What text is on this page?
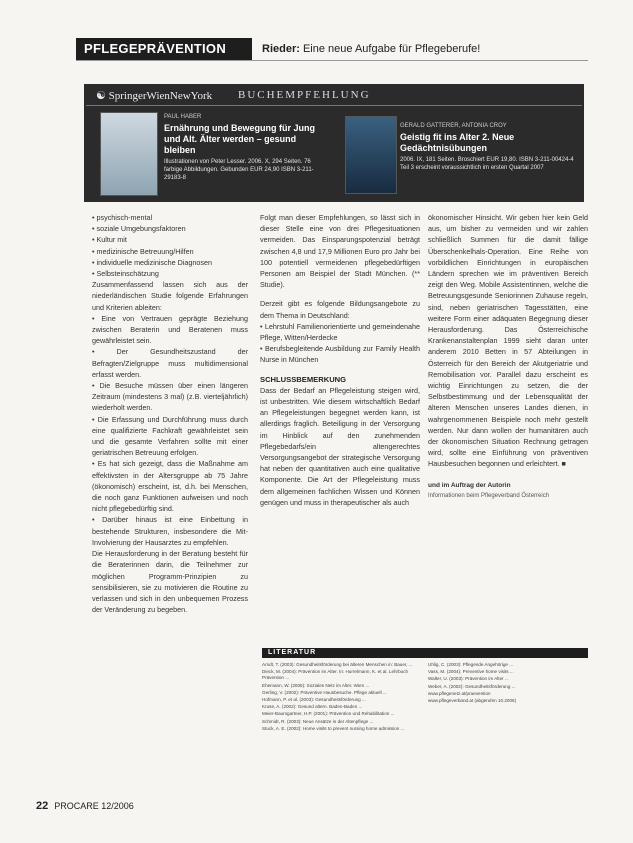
PFLEGEPRÄVENTION	Rieder: Eine neue Aufgabe für Pflegeberufe!
☯ SpringerWienNewYork BUCHEMPFEHLUNG
PAUL HABER
Ernährung und Bewegung für Jung und Alt. Älter werden – gesund bleiben
Illustrationen von Peter Lesser. 2006. X, 294 Seiten. 76 farbige Abbildungen. Gebunden EUR 24,90 ISBN 3-211-29183-8
GERALD GATTERER, ANTONIA CROY
Geistig fit ins Alter 2. Neue Gedächtnisübungen
2006. IX, 181 Seiten. Broschiert EUR 19,80. ISBN 3-211-00424-4 Teil 3 erscheint voraussichtlich im ersten Quartal 2007

• psychisch-mental

• soziale Umgebungsfaktoren

• Kultur mit

• medizinische Betreuung/Hilfen

• individuelle medizinische Diagnosen

• Selbsteinschätzung

Zusammenfassend lassen sich aus der niederländischen Studie folgende Erfahrungen und Kriterien ableiten:

• Eine von Vertrauen geprägte Beziehung zwischen Beraterin und Beratenen muss gewährleistet sein.

• Der Gesundheitszustand der Befragten/Zielgruppe muss multidimensional erfasst werden.

• Die Besuche müssen über einen längeren Zeitraum (mindestens 3 mal) (z.B. vierteljährlich) wiederholt werden.

• Die Erfassung und Durchführung muss durch eine qualifizierte Fachkraft gewährleistet sein und die gesamte Verfahren sollte mit einer geriatrischen Betreuung erfolgen.

• Es hat sich gezeigt, dass die Maßnahme am effektivsten in der Altersgruppe ab 75 Jahre (ökonomisch) erscheint, ist, d.h. bei Menschen, die noch ganz Funktionen aufweisen und noch nicht pflegebedürftig sind.

• Darüber hinaus ist eine Einbettung in bestehende Strukturen, insbesondere die Mit-Involvierung der Hausarztes zu empfehlen.

Die Herausforderung in der Beratung besteht für die Beraterinnen darin, die Teilnehmer zur möglichen Programm-Prinzipien zu sensibilisieren, sie zu motivieren die Routine zu verlassen und sich in den unbequemen Prozess der Veränderung zu begeben.

Folgt man dieser Empfehlungen, so lässt sich in dieser Stelle eine von drei Pflegesituationen vermeiden. Das Einsparungspotenzial beträgt zwischen 4,8 und 17,9 Millionen Euro pro Jahr bei 100 potentiell vermeidenen pflegebedürftigen Personen am Beispiel der Stadt München. (** Studie).

Derzeit gibt es folgende Bildungsangebote zu dem Thema in Deutschland:

• Lehrstuhl Familienorientierte und gemeindenahe Pflege, Witten/Herdecke

• Berufsbegleitende Ausbildung zur Family Health Nurse in München

SCHLUSSBEMERKUNG

Dass der Bedarf an Pflegeleistung steigen wird, ist unbestritten. Wie diesem wirtschaftlich Bedarf an Pflegeleistungen begegnet werden kann, ist allerdings fraglich. Beteiligung in der Versorgung im Hinblick auf den zunehmenden Pflegebedarfs/ein altengerechtes Versorgungsangebot der strategische Versorgung hat neben der quantitativen auch eine qualitative Komponente. Die Art der Pflegeleistung muss dem allgemeinen fachlichen Wissen und Können genügen und muss in therapeutischer als auch

ökonomischer Hinsicht. Wir geben hier kein Geld aus, um bisher zu vermeiden und wir zahlen schließlich Summen für die damit fällige Überschenkelhals-Operation. Eine Reihe von vorbildlichen Einrichtungen in europäischen Ländern sprechen wie im präventiven Bereich zeigt den Weg. Mobile Assistentinnen, welche die Betreuungsgesunde Seniorinnen Zuhause regeln, sind, neben geriatrischen Tagesstätten, eine weitere Form einer adäquaten Begegnung dieser Herausforderung. Das Österreichische Krankenanstaltenplan 1999 sieht daran unter anderem 2010 Betten in 57 Abteilungen in Österreich für den Bereich der Akutgeriatrie und Remobilisation vor. Parallel dazu erscheint es wichtig Einrichtungen zu setzen, die der Selbstbestimmung und der Lebensqualität der älteren Menschen unseres Landes dienen, in wahrgenommenen Beispiele noch mehr gestellt werden. Nur dann wollen der humanitären auch der ökonomischen Situation Rechnung getragen wird, sollte eine Einführung von präventiven Hausbesuchen begonnen und erleichtert. ■

und im Auftrag der Autorin

Informationen beim Pflegeverband Österreich

LITERATUR

Arndt, T. (2003): Gesundheitsförderung bei älteren Menschen in: Bauer, ...

Dieck, M. (2004): Prävention im Alter. In: Hurrelmann, K. et al. Lehrbuch Prävention ...

Ehemann, W. (2005): Soziales Netz im Alter. Wien ...

Gerling, V. (2002): Präventive Hausbesuche. Pflege aktuell ...

Hofmann, P. et al. (2003): Gesundheitsförderung ...

Kruse, A. (2002): Gesund altern. Baden-Baden ...

Meier-Baumgartner, H.P. (2001): Prävention und Rehabilitation ...

Schmidt, R. (2003): Neue Ansätze in der Altenpflege ...

Stuck, A. E. (2002): Home visits to prevent nursing home admission ...

Uhlig, C. (2003): Pflegende Angehörige ...

Vass, M. (2004): Preventive home visits ...

Walter, U. (2003): Prävention im Alter ...

Weber, A. (2002): Gesundheitsförderung ...

www.pflegenetz.at/praevention

www.pflegeverband.at (abgerufen 10.2006)

22 PROCARE 12/2006
